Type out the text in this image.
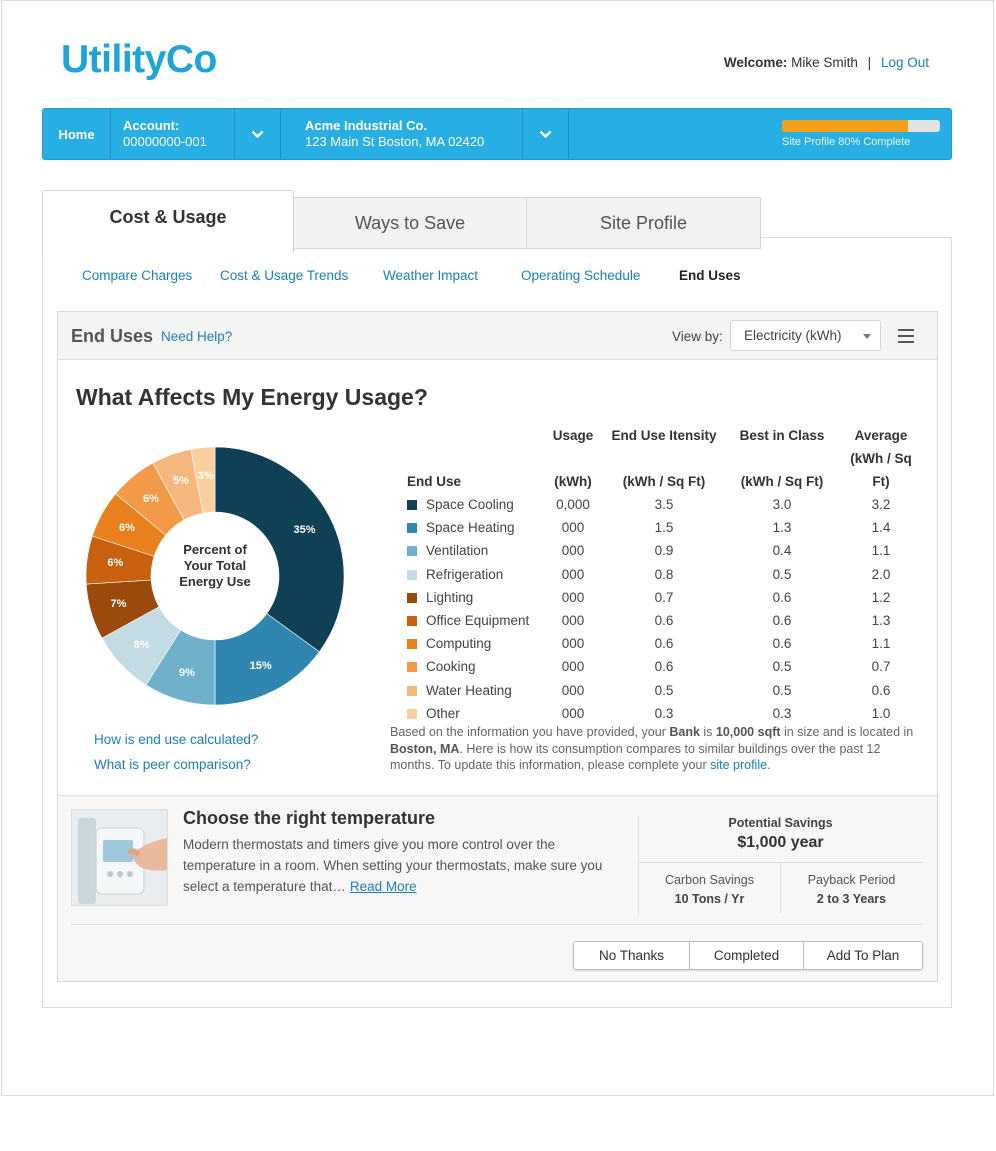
UtilityCo	Welcome: Mike Smith | Log Out
Home
Account:
00000000-001
Acme Industrial Co.
123 Main St Boston, MA 02420	Site Profile 80% Complete
Cost & Usage	Ways to Save	Site Profile
Compare Charges Cost & Usage Trends	Weather Impact	Operating Schedule	End Uses
End Uses Need Help?	View by:	Electricity (kWh)
What Affects My Energy Usage?
Percent of
Your Total
Energy Use
35%
15%
9%
8%
7%
6%
6%
6%
5% 3%
	Usage	End Use Itensity	Best in Class	Average
End Use	(kWh)	(kWh / Sq Ft)	(kWh / Sq Ft)	(kWh / Sq Ft)
Space Cooling	0,000	3.5	3.0	3.2
Space Heating	000	1.5	1.3	1.4
Ventilation	000	0.9	0.4	1.1
Refrigeration	000	0.8	0.5	2.0
Lighting	000	0.7	0.6	1.2
Office Equipment	000	0.6	0.6	1.3
Computing	000	0.6	0.6	1.1
Cooking	000	0.6	0.5	0.7
Water Heating	000	0.5	0.5	0.6
Other	000	0.3	0.3	1.0
How is end use calculated?
What is peer comparison?
Based on the information you have provided, your Bank is 10,000 sqft in size and is located in Boston, MA. Here is how its consumption compares to similar buildings over the past 12 months. To update this information, please complete your site profile.
Choose the right temperature
Modern thermostats and timers give you more control over the temperature in a room. When setting your thermostats, make sure you select a temperature that… Read More
Potential Savings
$1,000 year
Carbon Savings
10 Tons / Yr
Payback Period
2 to 3 Years
No Thanks	Completed	Add To Plan
